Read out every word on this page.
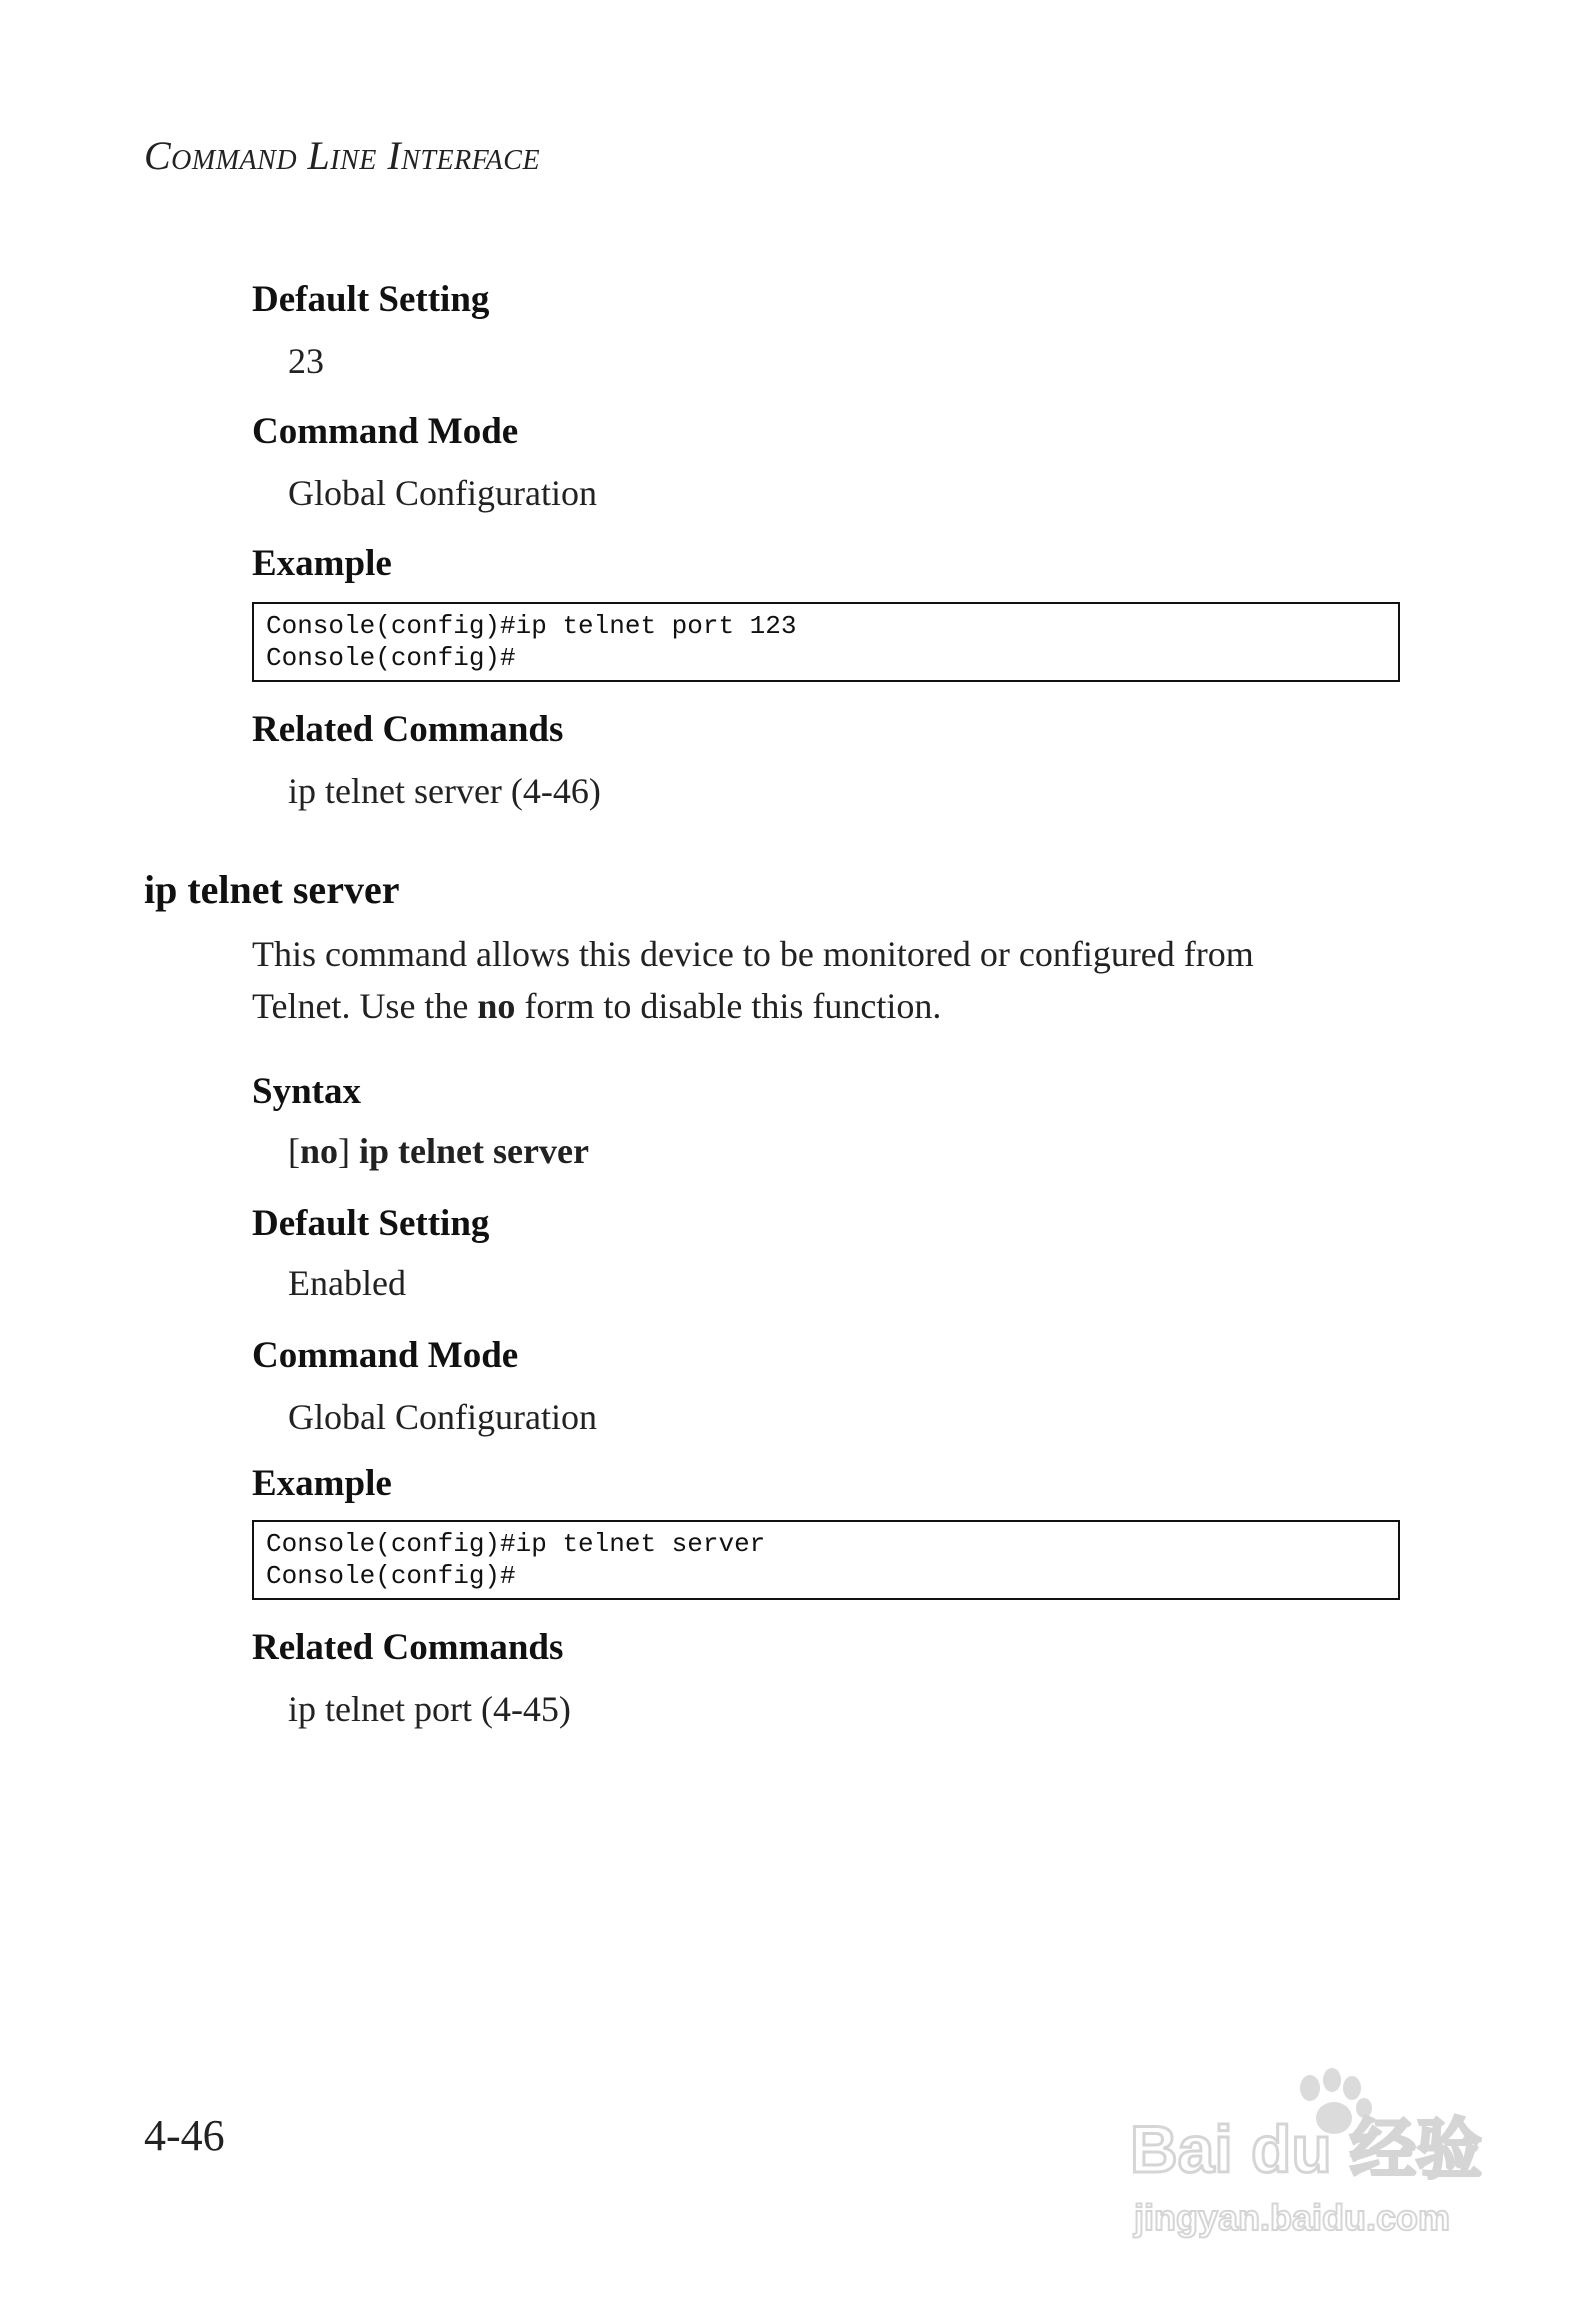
Command Line Interface
Default Setting
23
Command Mode
Global Configuration
Example
Console(config)#ip telnet port 123
Console(config)#
Related Commands
ip telnet server (4-46)
ip telnet server
This command allows this device to be monitored or configured from
Telnet. Use the no form to disable this function.
Syntax
[no] ip telnet server
Default Setting
Enabled
Command Mode
Global Configuration
Example
Console(config)#ip telnet server
Console(config)#
Related Commands
ip telnet port (4-45)
4-46	Bai du 经验
jingyan.baidu.com
